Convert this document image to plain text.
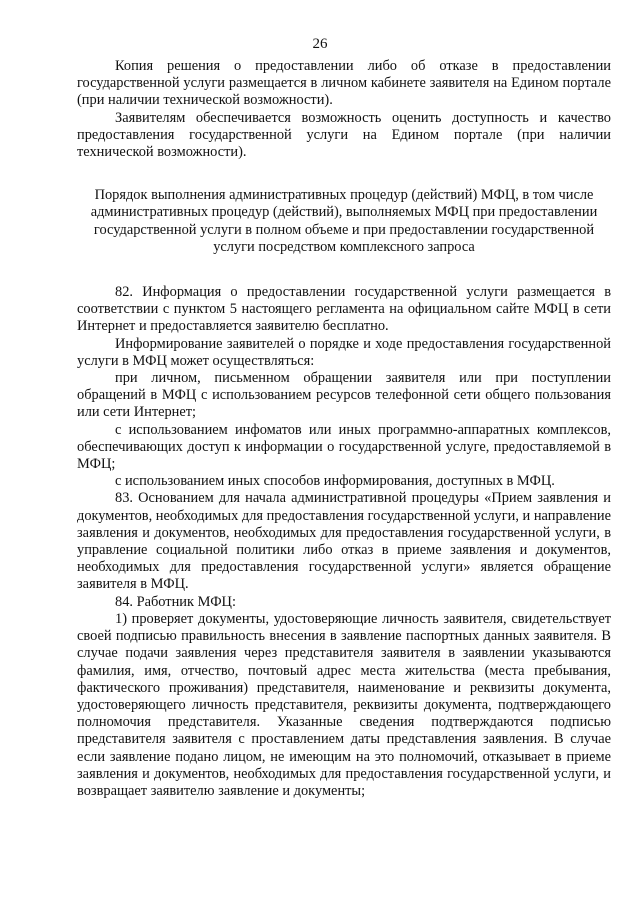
26

Копия решения о предоставлении либо об отказе в предоставлении государственной услуги размещается в личном кабинете заявителя на Едином портале (при наличии технической возможности).

Заявителям обеспечивается возможность оценить доступность и качество предоставления государственной услуги на Едином портале (при наличии технической возможности).

Порядок выполнения административных процедур (действий) МФЦ, в том числе административных процедур (действий), выполняемых МФЦ при предоставлении государственной услуги в полном объеме и при предоставлении государственной услуги посредством комплексного запроса

82. Информация о предоставлении государственной услуги размещается в соответствии с пунктом 5 настоящего регламента на официальном сайте МФЦ в сети Интернет и предоставляется заявителю бесплатно.

Информирование заявителей о порядке и ходе предоставления государственной услуги в МФЦ может осуществляться:

при личном, письменном обращении заявителя или при поступлении обращений в МФЦ с использованием ресурсов телефонной сети общего пользования или сети Интернет;

с использованием инфоматов или иных программно-аппаратных комплексов, обеспечивающих доступ к информации о государственной услуге, предоставляемой в МФЦ;

с использованием иных способов информирования, доступных в МФЦ.

83. Основанием для начала административной процедуры «Прием заявления и документов, необходимых для предоставления государственной услуги, и направление заявления и документов, необходимых для предоставления государственной услуги, в управление социальной политики либо отказ в приеме заявления и документов, необходимых для предоставления государственной услуги» является обращение заявителя в МФЦ.

84. Работник МФЦ:

1) проверяет документы, удостоверяющие личность заявителя, свидетельствует своей подписью правильность внесения в заявление паспортных данных заявителя. В случае подачи заявления через представителя заявителя в заявлении указываются фамилия, имя, отчество, почтовый адрес места жительства (места пребывания, фактического проживания) представителя, наименование и реквизиты документа, удостоверяющего личность представителя, реквизиты документа, подтверждающего полномочия представителя. Указанные сведения подтверждаются подписью представителя заявителя с проставлением даты представления заявления. В случае если заявление подано лицом, не имеющим на это полномочий, отказывает в приеме заявления и документов, необходимых для предоставления государственной услуги, и возвращает заявителю заявление и документы;
